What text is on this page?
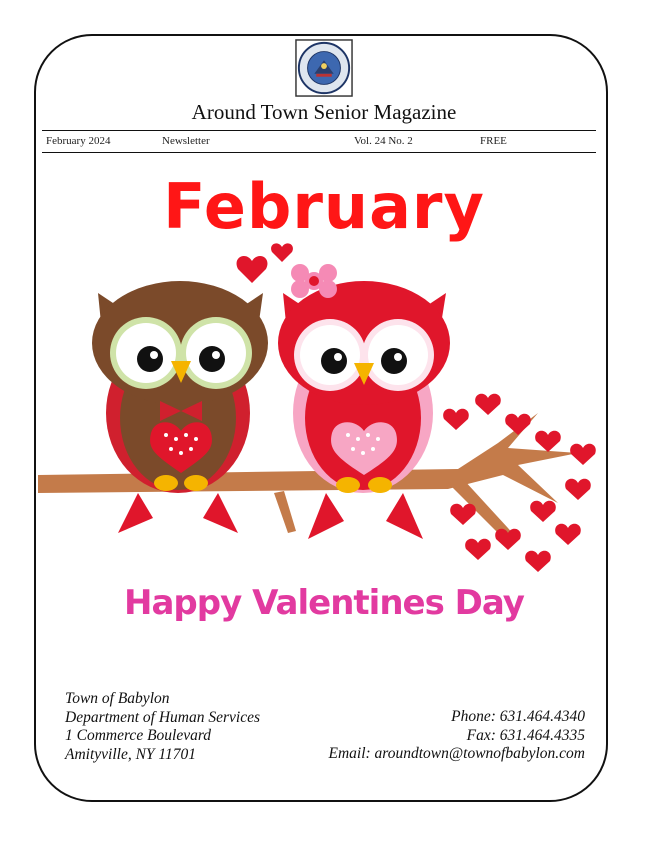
Around Town Senior Magazine
February 2024	Newsletter	Vol. 24 No. 2	FREE
February
Happy Valentines Day
Town of Babylon
Department of Human Services
1 Commerce Boulevard
Amityville, NY 11701
Phone: 631.464.4340
Fax: 631.464.4335
Email: aroundtown@townofbabylon.com
